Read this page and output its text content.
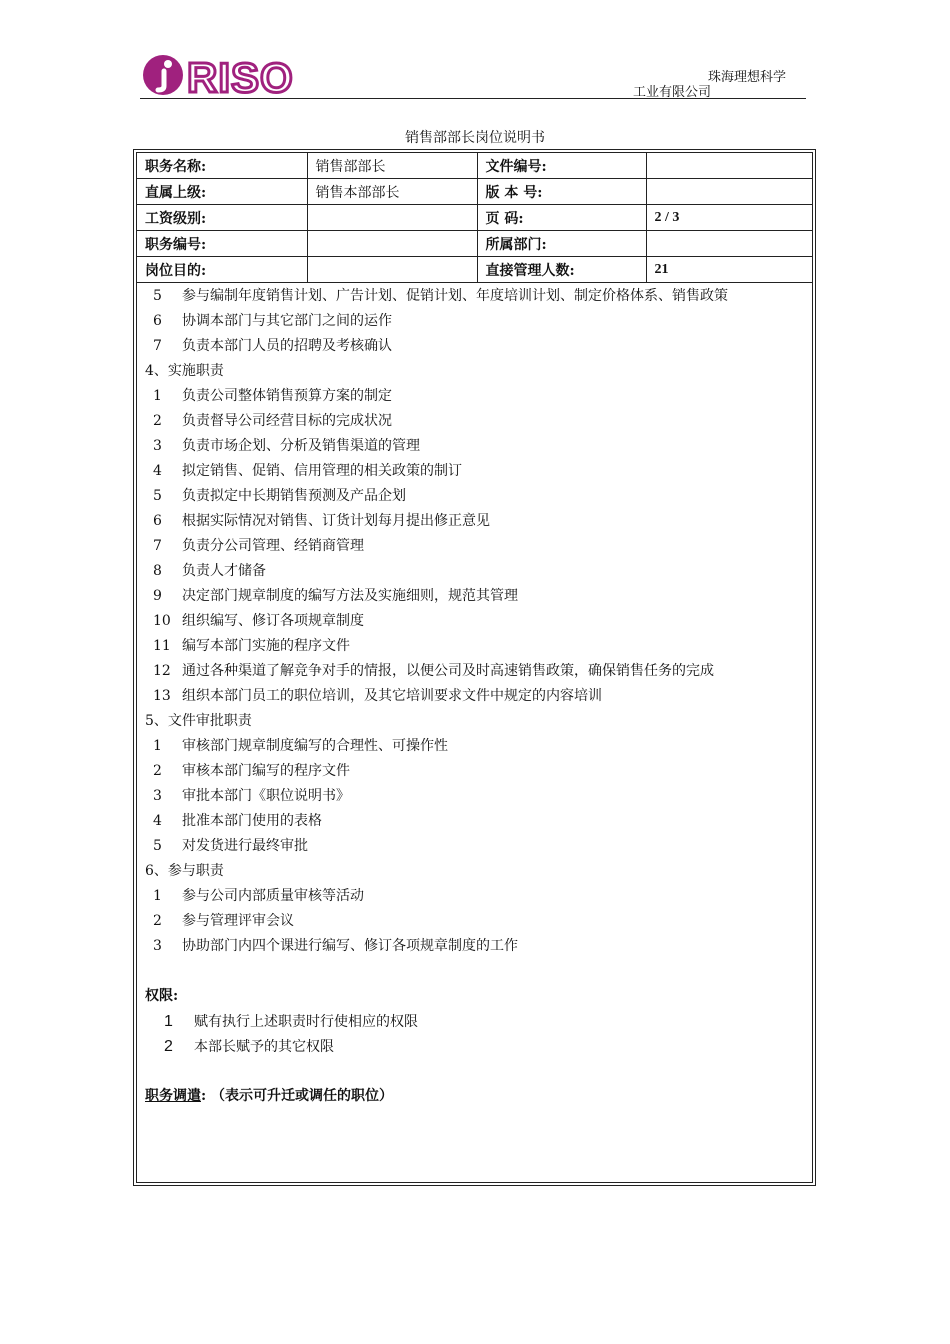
RISO	珠海理想科学
工业有限公司
销售部部长岗位说明书
职务名称:	销售部部长	文件编号:	
直属上级:	销售本部部长	版 本 号:	
工资级别:		页 码:	2 / 3
职务编号:		所属部门:	
岗位目的:		直接管理人数:	21
5 参与编制年度销售计划、广告计划、促销计划、年度培训计划、制定价格体系、销售政策
6 协调本部门与其它部门之间的运作
7 负责本部门人员的招聘及考核确认
4、实施职责
1 负责公司整体销售预算方案的制定
2 负责督导公司经营目标的完成状况
3 负责市场企划、分析及销售渠道的管理
4 拟定销售、促销、信用管理的相关政策的制订
5 负责拟定中长期销售预测及产品企划
6 根据实际情况对销售、订货计划每月提出修正意见
7 负责分公司管理、经销商管理
8 负责人才储备
9 决定部门规章制度的编写方法及实施细则，规范其管理
10 组织编写、修订各项规章制度
11 编写本部门实施的程序文件
12 通过各种渠道了解竞争对手的情报，以便公司及时高速销售政策，确保销售任务的完成
13 组织本部门员工的职位培训，及其它培训要求文件中规定的内容培训
5、文件审批职责
1 审核部门规章制度编写的合理性、可操作性
2 审核本部门编写的程序文件
3 审批本部门《职位说明书》
4 批准本部门使用的表格
5 对发货进行最终审批
6、参与职责
1 参与公司内部质量审核等活动
2 参与管理评审会议
3 协助部门内四个课进行编写、修订各项规章制度的工作
权限:
1 赋有执行上述职责时行使相应的权限
2 本部长赋予的其它权限
职务调遣: （表示可升迁或调任的职位）
